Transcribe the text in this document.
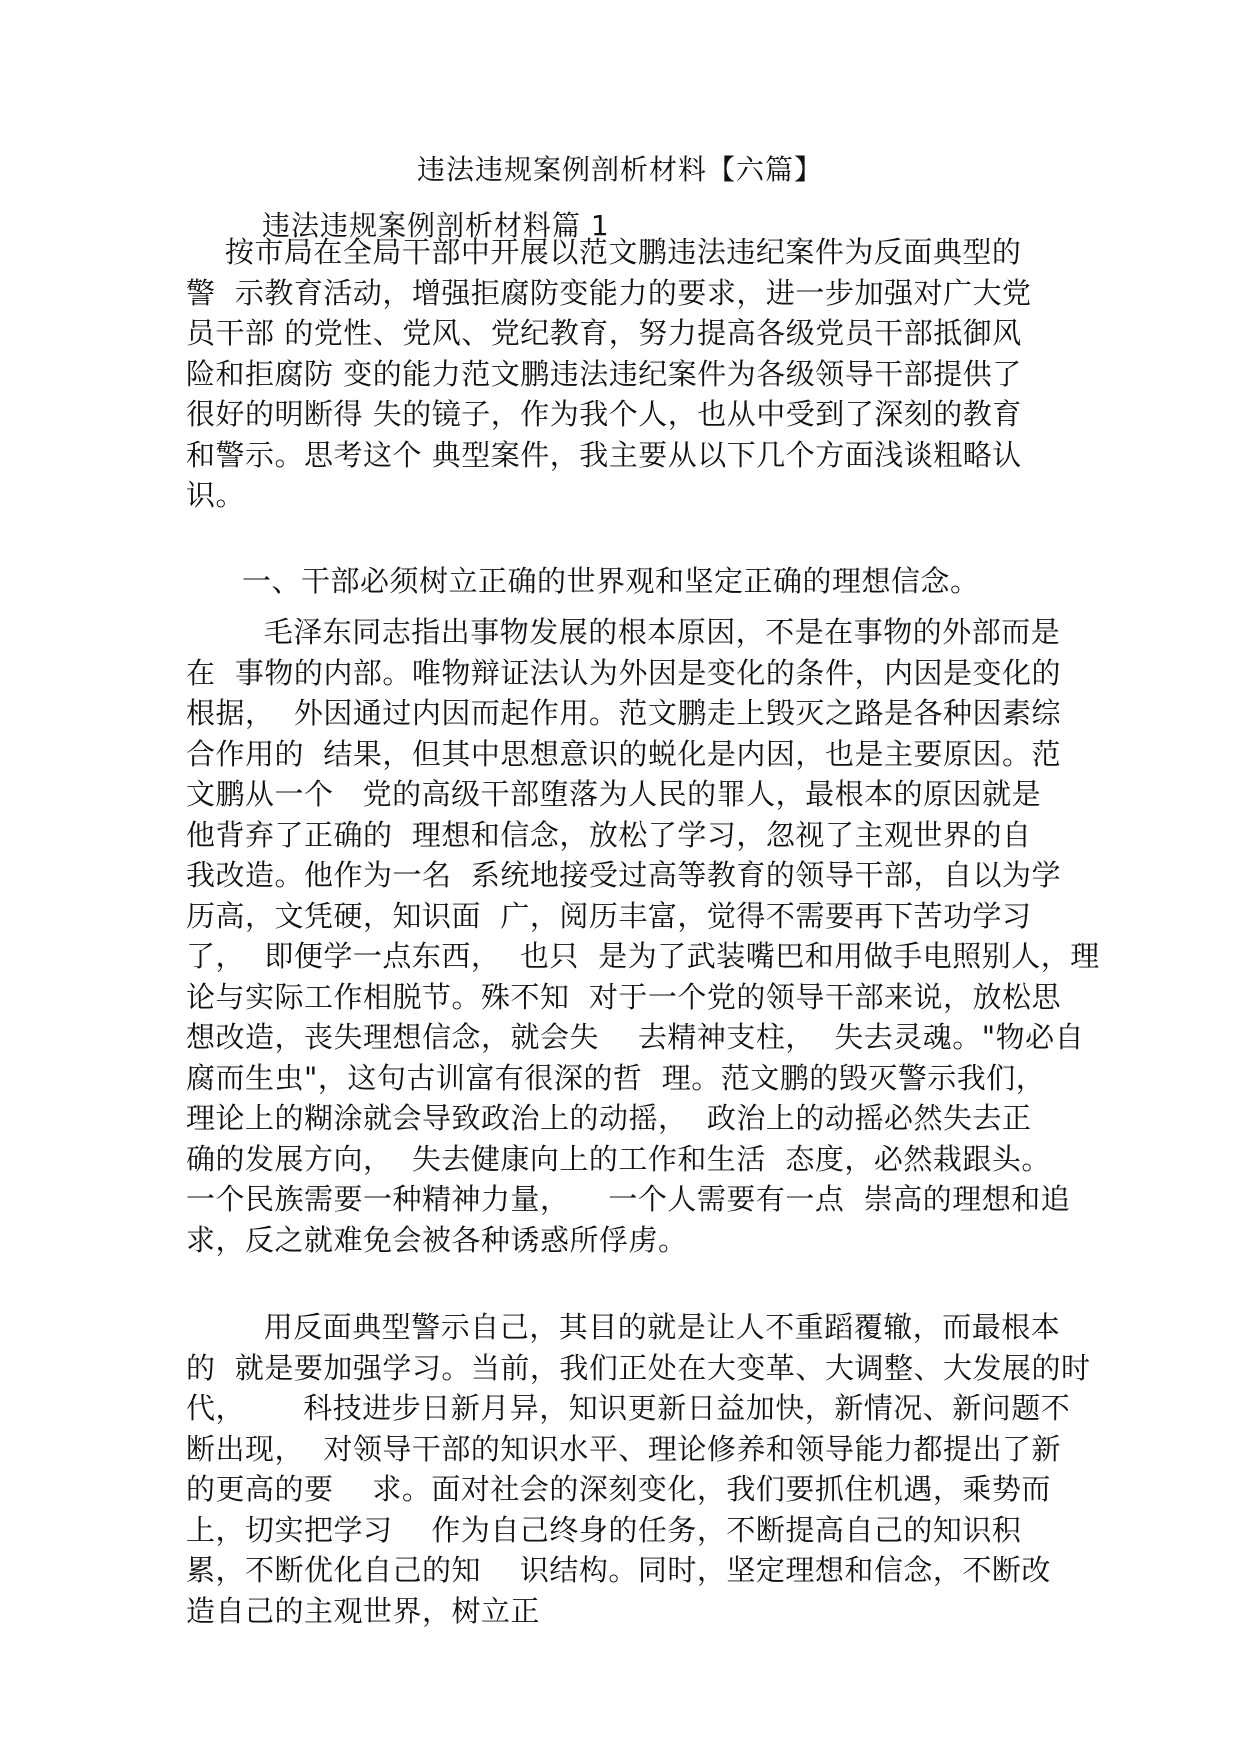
违法违规案例剖析材料【六篇】
违法违规案例剖析材料篇 1
按市局在全局干部中开展以范文鹏违法违纪案件为反面典型的
警  示教育活动，增强拒腐防变能力的要求，进一步加强对广大党
员干部 的党性、党风、党纪教育，努力提高各级党员干部抵御风
险和拒腐防 变的能力范文鹏违法违纪案件为各级领导干部提供了
很好的明断得 失的镜子，作为我个人，也从中受到了深刻的教育
和警示。思考这个 典型案件，我主要从以下几个方面浅谈粗略认
识。
一、干部必须树立正确的世界观和坚定正确的理想信念。
毛泽东同志指出事物发展的根本原因，不是在事物的外部而是
在  事物的内部。唯物辩证法认为外因是变化的条件，内因是变化的
根据，  外因通过内因而起作用。范文鹏走上毁灭之路是各种因素综
合作用的  结果，但其中思想意识的蜕化是内因，也是主要原因。范
文鹏从一个   党的高级干部堕落为人民的罪人，最根本的原因就是
他背弃了正确的  理想和信念，放松了学习，忽视了主观世界的自
我改造。他作为一名  系统地接受过高等教育的领导干部，自以为学
历高，文凭硬，知识面  广，阅历丰富，觉得不需要再下苦功学习
了，  即便学一点东西，  也只  是为了武装嘴巴和用做手电照别人，理
论与实际工作相脱节。殊不知  对于一个党的领导干部来说，放松思
想改造，丧失理想信念，就会失    去精神支柱，  失去灵魂。"物必自
腐而生虫"，这句古训富有很深的哲  理。范文鹏的毁灭警示我们，
理论上的糊涂就会导致政治上的动摇，  政治上的动摇必然失去正
确的发展方向，  失去健康向上的工作和生活  态度，必然栽跟头。
一个民族需要一种精神力量，    一个人需要有一点  崇高的理想和追
求，反之就难免会被各种诱惑所俘虏。
用反面典型警示自己，其目的就是让人不重蹈覆辙，而最根本
的  就是要加强学习。当前，我们正处在大变革、大调整、大发展的时
代，      科技进步日新月异，知识更新日益加快，新情况、新问题不
断出现，  对领导干部的知识水平、理论修养和领导能力都提出了新
的更高的要    求。面对社会的深刻变化，我们要抓住机遇，乘势而
上，切实把学习    作为自己终身的任务，不断提高自己的知识积
累，不断优化自己的知    识结构。同时，坚定理想和信念，不断改
造自己的主观世界，树立正
